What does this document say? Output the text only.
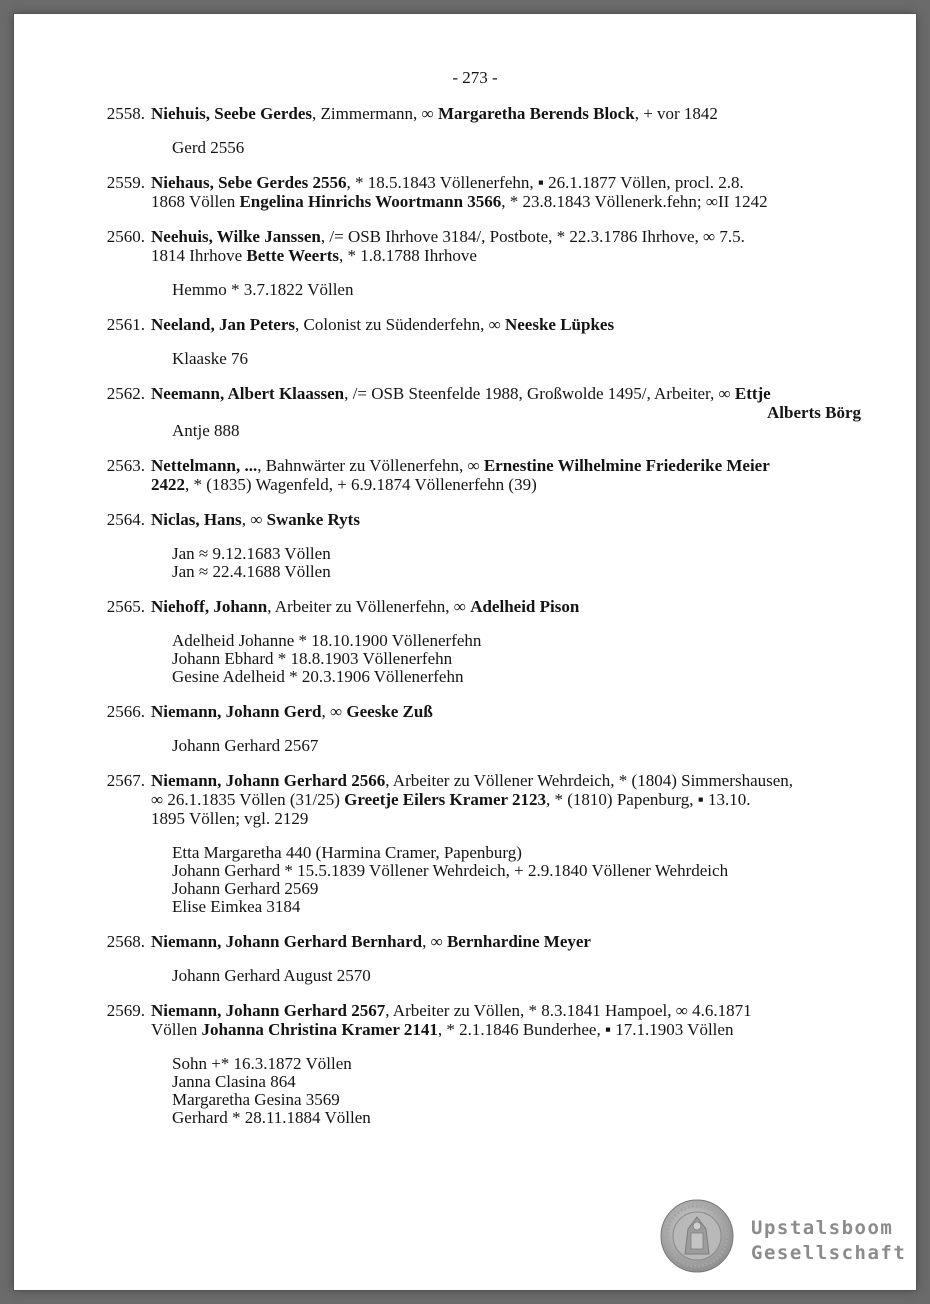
- 273 -
2558. Niehuis, Seebe Gerdes, Zimmermann, ∞ Margaretha Berends Block, + vor 1842
Gerd 2556
2559. Niehaus, Sebe Gerdes 2556, * 18.5.1843 Völlenerfehn, ▪ 26.1.1877 Völlen, procl. 2.8.
1868 Völlen Engelina Hinrichs Woortmann 3566, * 23.8.1843 Völlenerk.fehn; ∞II 1242
2560. Neehuis, Wilke Janssen, /= OSB Ihrhove 3184/, Postbote, * 22.3.1786 Ihrhove, ∞ 7.5.
1814 Ihrhove Bette Weerts, * 1.8.1788 Ihrhove
Hemmo * 3.7.1822 Völlen
2561. Neeland, Jan Peters, Colonist zu Südenderfehn, ∞ Neeske Lüpkes
Klaaske 76
2562. Neemann, Albert Klaassen, /= OSB Steenfelde 1988, Großwolde 1495/, Arbeiter, ∞ Ettje
Alberts Börg
Antje 888
2563. Nettelmann, ..., Bahnwärter zu Völlenerfehn, ∞ Ernestine Wilhelmine Friederike Meier
2422, * (1835) Wagenfeld, + 6.9.1874 Völlenerfehn (39)
2564. Niclas, Hans, ∞ Swanke Ryts
Jan ≈ 9.12.1683 Völlen
Jan ≈ 22.4.1688 Völlen
2565. Niehoff, Johann, Arbeiter zu Völlenerfehn, ∞ Adelheid Pison
Adelheid Johanne * 18.10.1900 Völlenerfehn
Johann Ebhard * 18.8.1903 Völlenerfehn
Gesine Adelheid * 20.3.1906 Völlenerfehn
2566. Niemann, Johann Gerd, ∞ Geeske Zuß
Johann Gerhard 2567
2567. Niemann, Johann Gerhard 2566, Arbeiter zu Völlener Wehrdeich, * (1804) Simmershausen,
∞ 26.1.1835 Völlen (31/25) Greetje Eilers Kramer 2123, * (1810) Papenburg, ▪ 13.10.
1895 Völlen; vgl. 2129
Etta Margaretha 440 (Harmina Cramer, Papenburg)
Johann Gerhard * 15.5.1839 Völlener Wehrdeich, + 2.9.1840 Völlener Wehrdeich
Johann Gerhard 2569
Elise Eimkea 3184
2568. Niemann, Johann Gerhard Bernhard, ∞ Bernhardine Meyer
Johann Gerhard August 2570
2569. Niemann, Johann Gerhard 2567, Arbeiter zu Völlen, * 8.3.1841 Hampoel, ∞ 4.6.1871
Völlen Johanna Christina Kramer 2141, * 2.1.1846 Bunderhee, ▪ 17.1.1903 Völlen
Sohn +* 16.3.1872 Völlen
Janna Clasina 864
Margaretha Gesina 3569
Gerhard * 28.11.1884 Völlen
Upstalsboom
Gesellschaft
